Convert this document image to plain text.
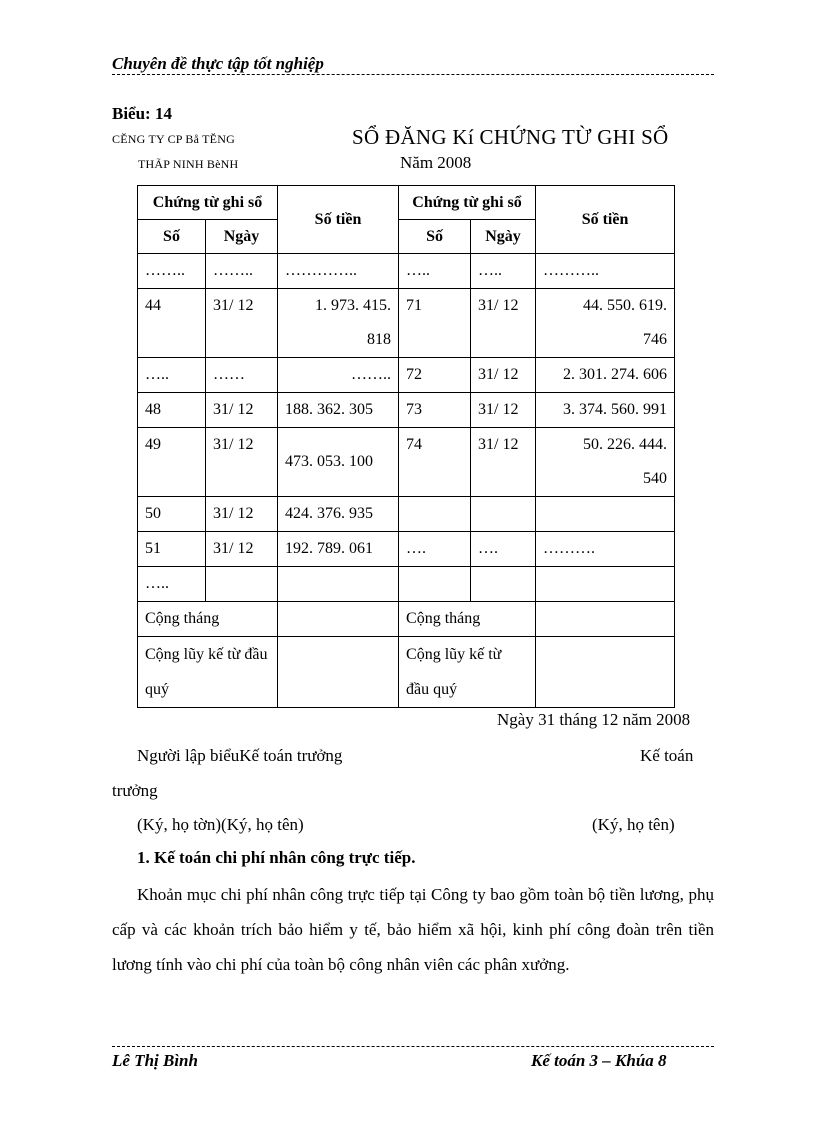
Chuyên đề thực tập tốt nghiệp
Biểu: 14
CĔNG TY CP Bå TĔNG
THÃP NINH BèNH
SỔ ĐĂNG Kí CHỨNG TỪ GHI SỔ
Năm 2008
Chứng từ ghi sổ		Số tiền	Chứng từ ghi sổ		Số tiền
Số	Ngày		Số	Ngày	
……..	……..	…………..	…..	…..	………..
44	31/ 12	1. 973. 415. 818	71	31/ 12	44. 550. 619. 746
…..	……	……..	72	31/ 12	2. 301. 274. 606
48	31/ 12	188. 362. 305	73	31/ 12	3. 374. 560. 991
49	31/ 12	473. 053. 100	74	31/ 12	50. 226. 444. 540
50	31/ 12	424. 376. 935			
51	31/ 12	192. 789. 061	….	….	……….
…..					
Cộng tháng			Cộng tháng		
Cộng lũy kế từ đầu quý			Cộng lũy kế từ đầu quý		
Ngày 31 tháng 12 năm 2008
Người lập biểuKế toán trưởng	Kế toán
trưởng
(Ký, họ tờn)(Ký, họ tên)	(Ký, họ tên)
1. Kế toán chi phí nhân công trực tiếp.

Khoản mục chi phí nhân công trực tiếp tại Công ty bao gồm toàn bộ tiền lương, phụ cấp và các khoản trích bảo hiểm y tế, bảo hiểm xã hội, kinh phí công đoàn trên tiền lương tính vào chi phí của toàn bộ công nhân viên các phân xưởng.

Lê Thị Bình	Kế toán 3 – Khúa 8
